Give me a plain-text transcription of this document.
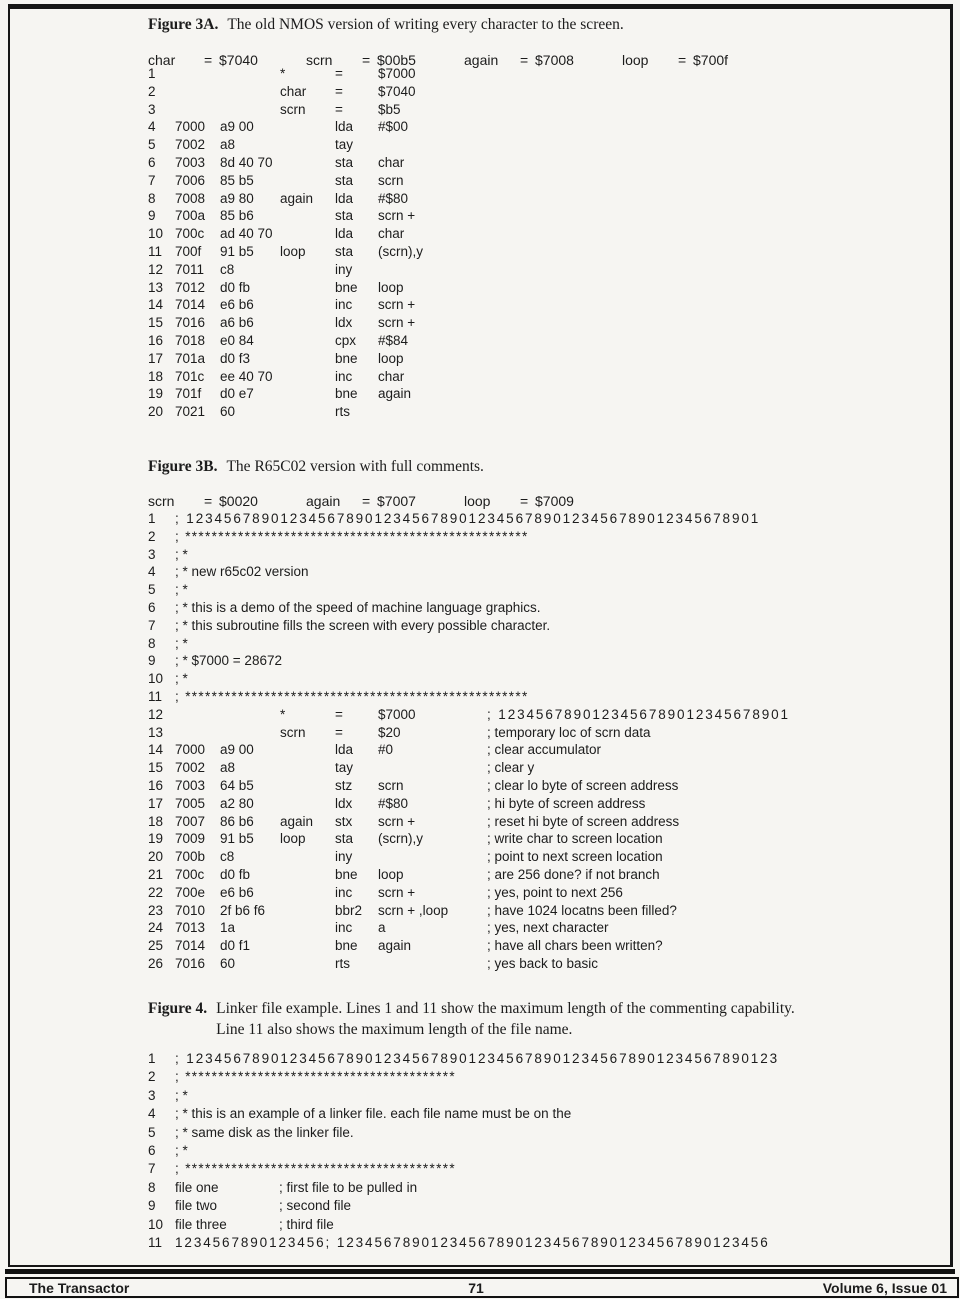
Figure 3A. The old NMOS version of writing every character to the screen.
char	= $7040	scrn	= $00b5	again	= $7008	loop	= $700f
1	*	=	$7000
2	char	=	$7040
3	scrn	=	$b5
4	7000	a9 00	lda	#$00
5	7002	a8	tay
6	7003	8d 40 70	sta	char
7	7006	85 b5	sta	scrn
8	7008	a9 80	again	lda	#$80
9	700a	85 b6	sta	scrn +
10 700c	ad 40 70	lda	char
11 700f	91 b5	loop	sta	(scrn),y
12 7011	c8	iny
13 7012	d0 fb	bne	loop
14 7014	e6 b6	inc	scrn +
15 7016	a6 b6	ldx	scrn +
16 7018	e0 84	cpx	#$84
17 701a	d0 f3	bne	loop
18 701c	ee 40 70	inc	char
19 701f	d0 e7	bne	again
20 7021	60	rts
Figure 3B. The R65C02 version with full comments.
scrn	= $0020	again	= $7007	loop	= $7009
1	; 1234567890123456789012345678901234567890123456789012345678901
2	; ****************************************************
3	; *
4	; * new r65c02 version
5	; *
6	; * this is a demo of the speed of machine language graphics.
7	; * this subroutine fills the screen with every possible character.
8	; *
9	; * $7000 = 28672
10 ; *
11 ; ****************************************************
12	*	=	$7000	; 1234567890123456789012345678901
13	scrn	=	$20	; temporary loc of scrn data
14 7000	a9 00	lda	#0	; clear accumulator
15 7002	a8	tay	; clear y
16 7003	64 b5	stz	scrn	; clear lo byte of screen address
17 7005	a2 80	ldx	#$80	; hi byte of screen address
18 7007	86 b6	again	stx	scrn +	; reset hi byte of screen address
19 7009	91 b5	loop	sta	(scrn),y	; write char to screen location
20 700b	c8	iny	; point to next screen location
21 700c	d0 fb	bne	loop	; are 256 done? if not branch
22 700e	e6 b6	inc	scrn +	; yes, point to next 256
23 7010	2f b6 f6	bbr2	scrn + ,loop	; have 1024 locatns been filled?
24 7013	1a	inc	a	; yes, next character
25 7014	d0 f1	bne	again	; have all chars been written?
26 7016	60	rts	; yes back to basic
Figure 4. Linker file example. Lines 1 and 11 show the maximum length of the commenting capability.
Line 11 also shows the maximum length of the file name.
1	; 123456789012345678901234567890123456789012345678901234567890123
2	; *****************************************
3	; *
4	; * this is an example of a linker file. each file name must be on the
5	; * same disk as the linker file.
6	; *
7	; *****************************************
8	file one	; first file to be pulled in
9	file two	; second file
10 file three	; third file
11 1234567890123456 ; 1234567890123456789012345678901234567890123456
The Transactor	71	Volume 6, Issue 01
